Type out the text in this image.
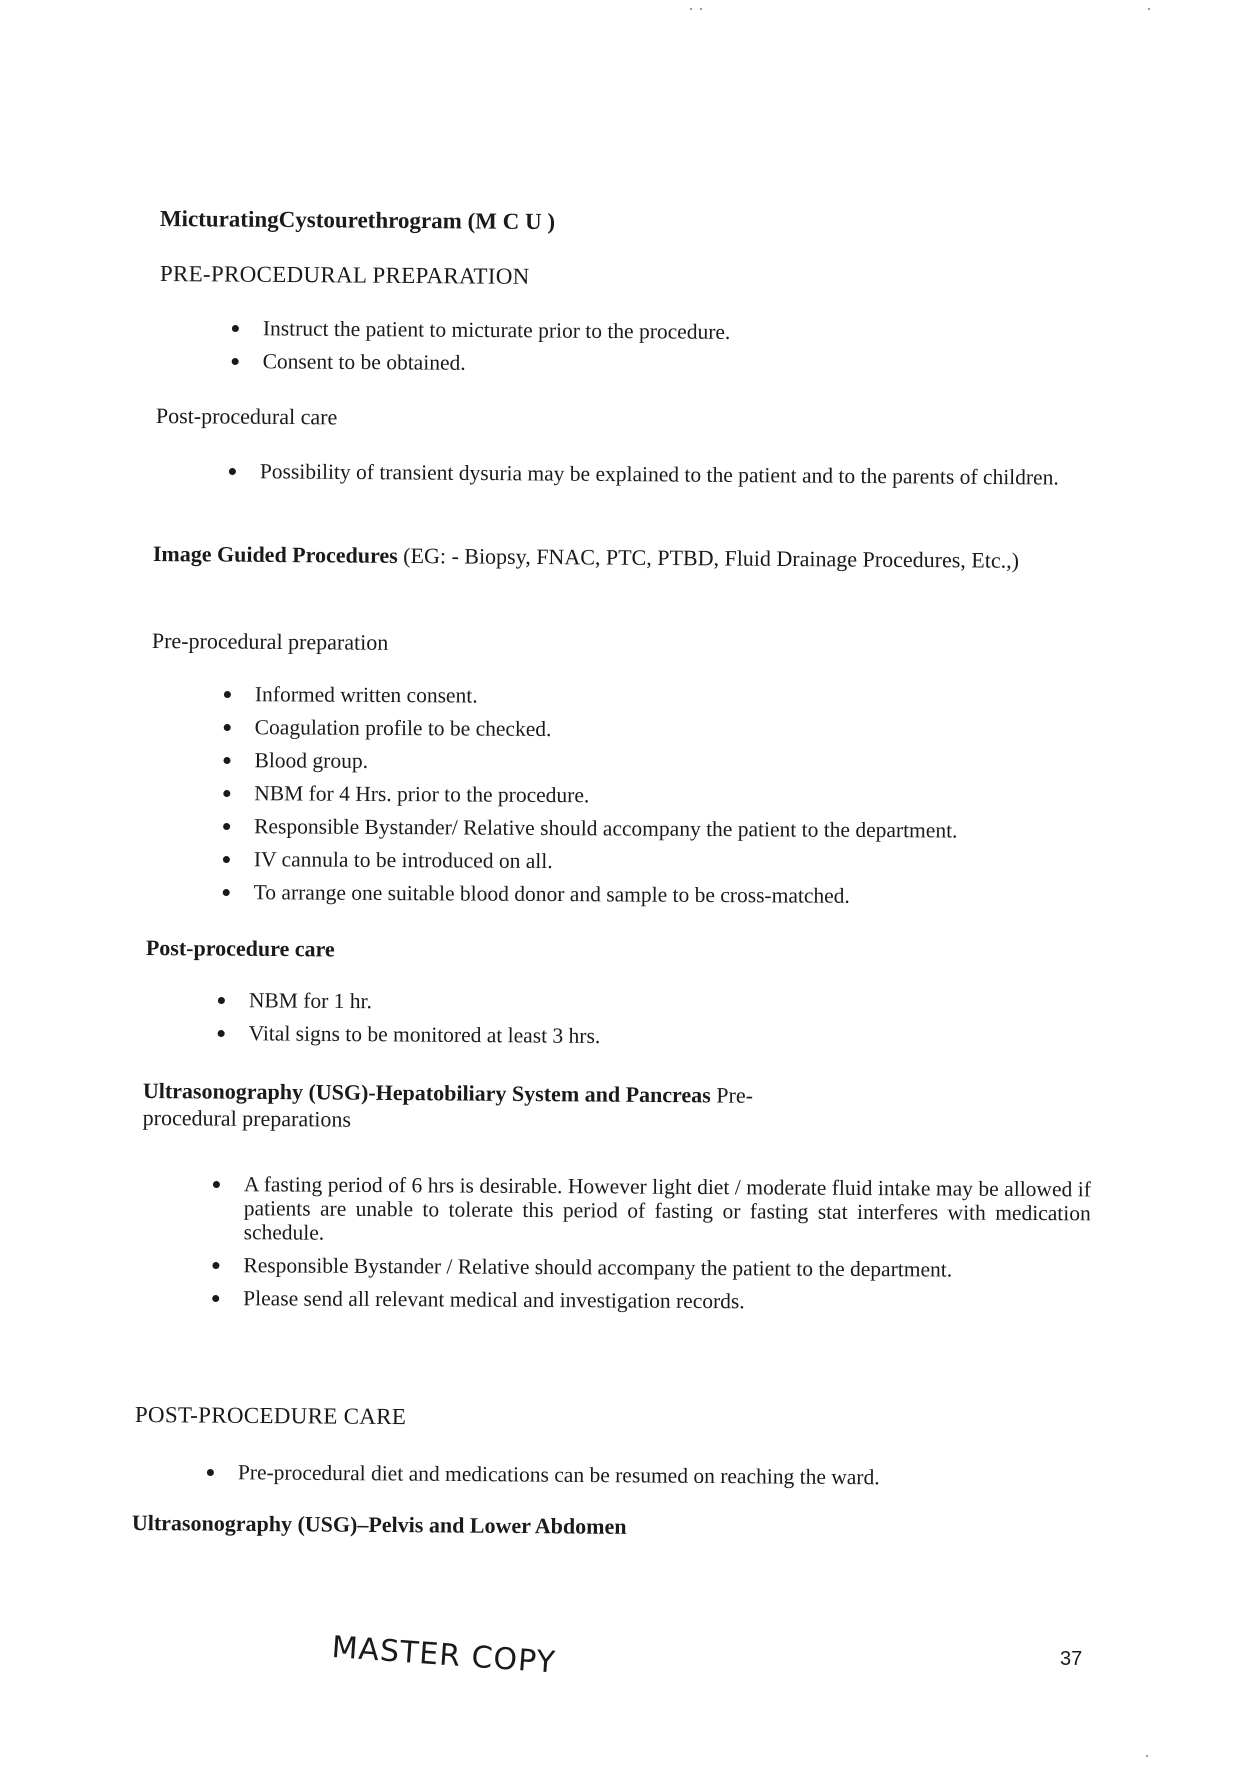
MicturatingCystourethrogram (M C U )
PRE-PROCEDURAL PREPARATION
Instruct the patient to micturate prior to the procedure.
Consent to be obtained.
Post-procedural care
Possibility of transient dysuria may be explained to the patient and to the parents of children.
Image Guided Procedures (EG: - Biopsy, FNAC, PTC, PTBD, Fluid Drainage Procedures, Etc.,)
Pre-procedural preparation
Informed written consent.
Coagulation profile to be checked.
Blood group.
NBM for 4 Hrs. prior to the procedure.
Responsible Bystander/ Relative should accompany the patient to the department.
IV cannula to be introduced on all.
To arrange one suitable blood donor and sample to be cross-matched.
Post-procedure care
NBM for 1 hr.
Vital signs to be monitored at least 3 hrs.
Ultrasonography (USG)-Hepatobiliary System and Pancreas Pre-
procedural preparations
A fasting period of 6 hrs is desirable. However light diet / moderate fluid intake may be allowed if patients are unable to tolerate this period of fasting or fasting stat interferes with medication schedule.
Responsible Bystander / Relative should accompany the patient to the department.
Please send all relevant medical and investigation records.
POST-PROCEDURE CARE
Pre-procedural diet and medications can be resumed on reaching the ward.
Ultrasonography (USG)–Pelvis and Lower Abdomen
MASTER COPY	37
